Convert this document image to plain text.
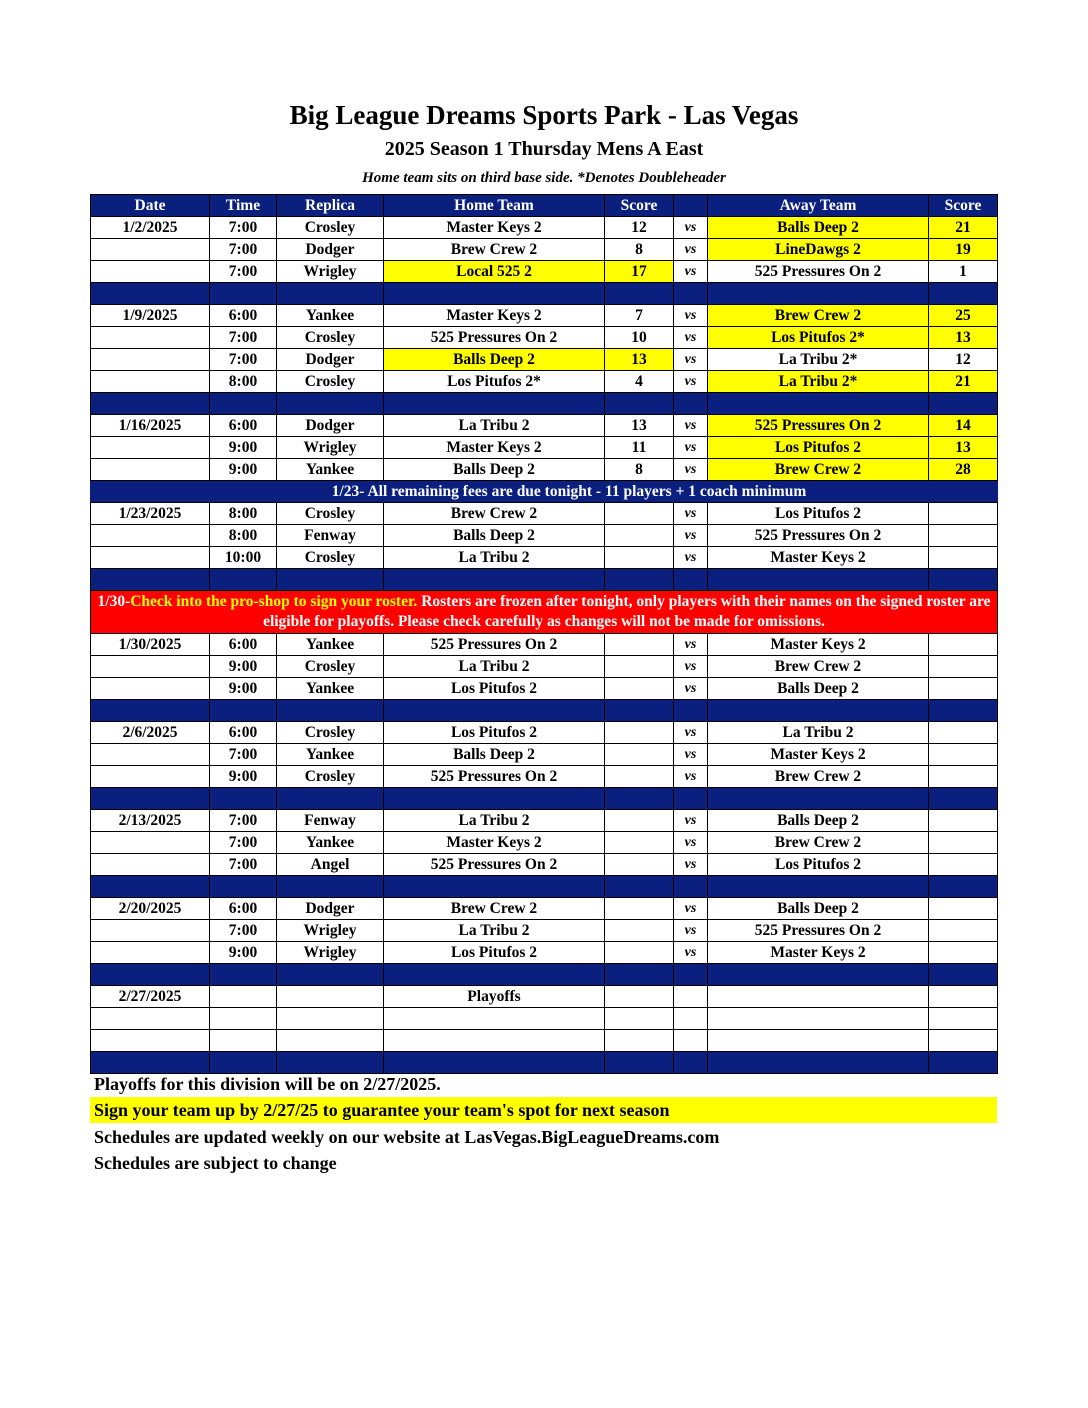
Big League Dreams Sports Park - Las Vegas
2025 Season 1 Thursday Mens A East
Home team sits on third base side. *Denotes Doubleheader
Date	Time	Replica	Home Team	Score		Away Team	Score
1/2/2025	7:00	Crosley	Master Keys 2	12	vs	Balls Deep 2	21
	7:00	Dodger	Brew Crew 2	8	vs	LineDawgs 2	19
	7:00	Wrigley	Local 525 2	17	vs	525 Pressures On 2	1

1/9/2025	6:00	Yankee	Master Keys 2	7	vs	Brew Crew 2	25
	7:00	Crosley	525 Pressures On 2	10	vs	Los Pitufos 2*	13
	7:00	Dodger	Balls Deep 2	13	vs	La Tribu 2*	12
	8:00	Crosley	Los Pitufos 2*	4	vs	La Tribu 2*	21

1/16/2025	6:00	Dodger	La Tribu 2	13	vs	525 Pressures On 2	14
	9:00	Wrigley	Master Keys 2	11	vs	Los Pitufos 2	13
	9:00	Yankee	Balls Deep 2	8	vs	Brew Crew 2	28
	1/23- All remaining fees are due tonight - 11 players + 1 coach minimum						
1/23/2025	8:00	Crosley	Brew Crew 2		vs	Los Pitufos 2	
	8:00	Fenway	Balls Deep 2		vs	525 Pressures On 2	
	10:00	Crosley	La Tribu 2		vs	Master Keys 2	

1/30-Check into the pro-shop to sign your roster. Rosters are frozen after tonight, only players with their names on the signed roster are eligible for playoffs. Please check carefully as changes will not be made for omissions.							
1/30/2025	6:00	Yankee	525 Pressures On 2		vs	Master Keys 2	
	9:00	Crosley	La Tribu 2		vs	Brew Crew 2	
	9:00	Yankee	Los Pitufos 2		vs	Balls Deep 2	

2/6/2025	6:00	Crosley	Los Pitufos 2		vs	La Tribu 2	
	7:00	Yankee	Balls Deep 2		vs	Master Keys 2	
	9:00	Crosley	525 Pressures On 2		vs	Brew Crew 2	

2/13/2025	7:00	Fenway	La Tribu 2		vs	Balls Deep 2	
	7:00	Yankee	Master Keys 2		vs	Brew Crew 2	
	7:00	Angel	525 Pressures On 2		vs	Los Pitufos 2	

2/20/2025	6:00	Dodger	Brew Crew 2		vs	Balls Deep 2	
	7:00	Wrigley	La Tribu 2		vs	525 Pressures On 2	
	9:00	Wrigley	Los Pitufos 2		vs	Master Keys 2	

2/27/2025			Playoffs				

Playoffs for this division will be on 2/27/2025.
Sign your team up by 2/27/25 to guarantee your team's spot for next season
Schedules are updated weekly on our website at LasVegas.BigLeagueDreams.com
Schedules are subject to change
